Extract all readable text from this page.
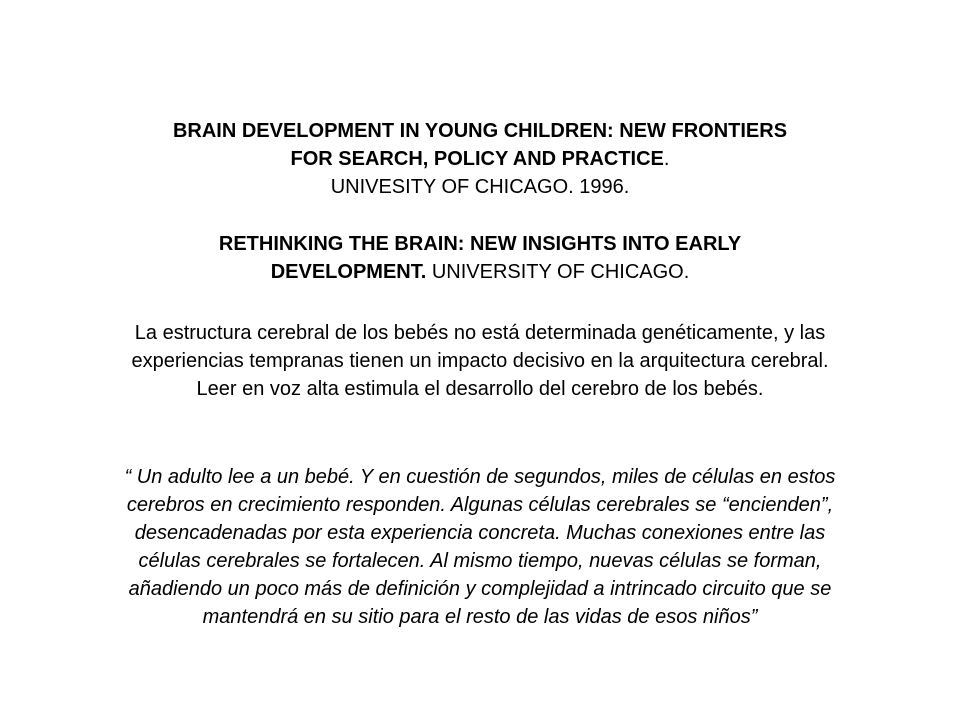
BRAIN DEVELOPMENT IN YOUNG CHILDREN: NEW FRONTIERS
FOR SEARCH, POLICY AND PRACTICE.
UNIVESITY OF CHICAGO. 1996.

RETHINKING THE BRAIN: NEW INSIGHTS INTO EARLY
DEVELOPMENT. UNIVERSITY OF CHICAGO.

La estructura cerebral de los bebés no está determinada genéticamente, y las
experiencias tempranas tienen un impacto decisivo en la arquitectura cerebral.
Leer en voz alta estimula el desarrollo del cerebro de los bebés.

“ Un adulto lee a un bebé. Y en cuestión de segundos, miles de células en estos
cerebros en crecimiento responden. Algunas células cerebrales se “encienden”,
desencadenadas por esta experiencia concreta. Muchas conexiones entre las
células cerebrales se fortalecen. Al mismo tiempo, nuevas células se forman,
añadiendo un poco más de definición y complejidad a intrincado circuito que se
mantendrá en su sitio para el resto de las vidas de esos niños”
